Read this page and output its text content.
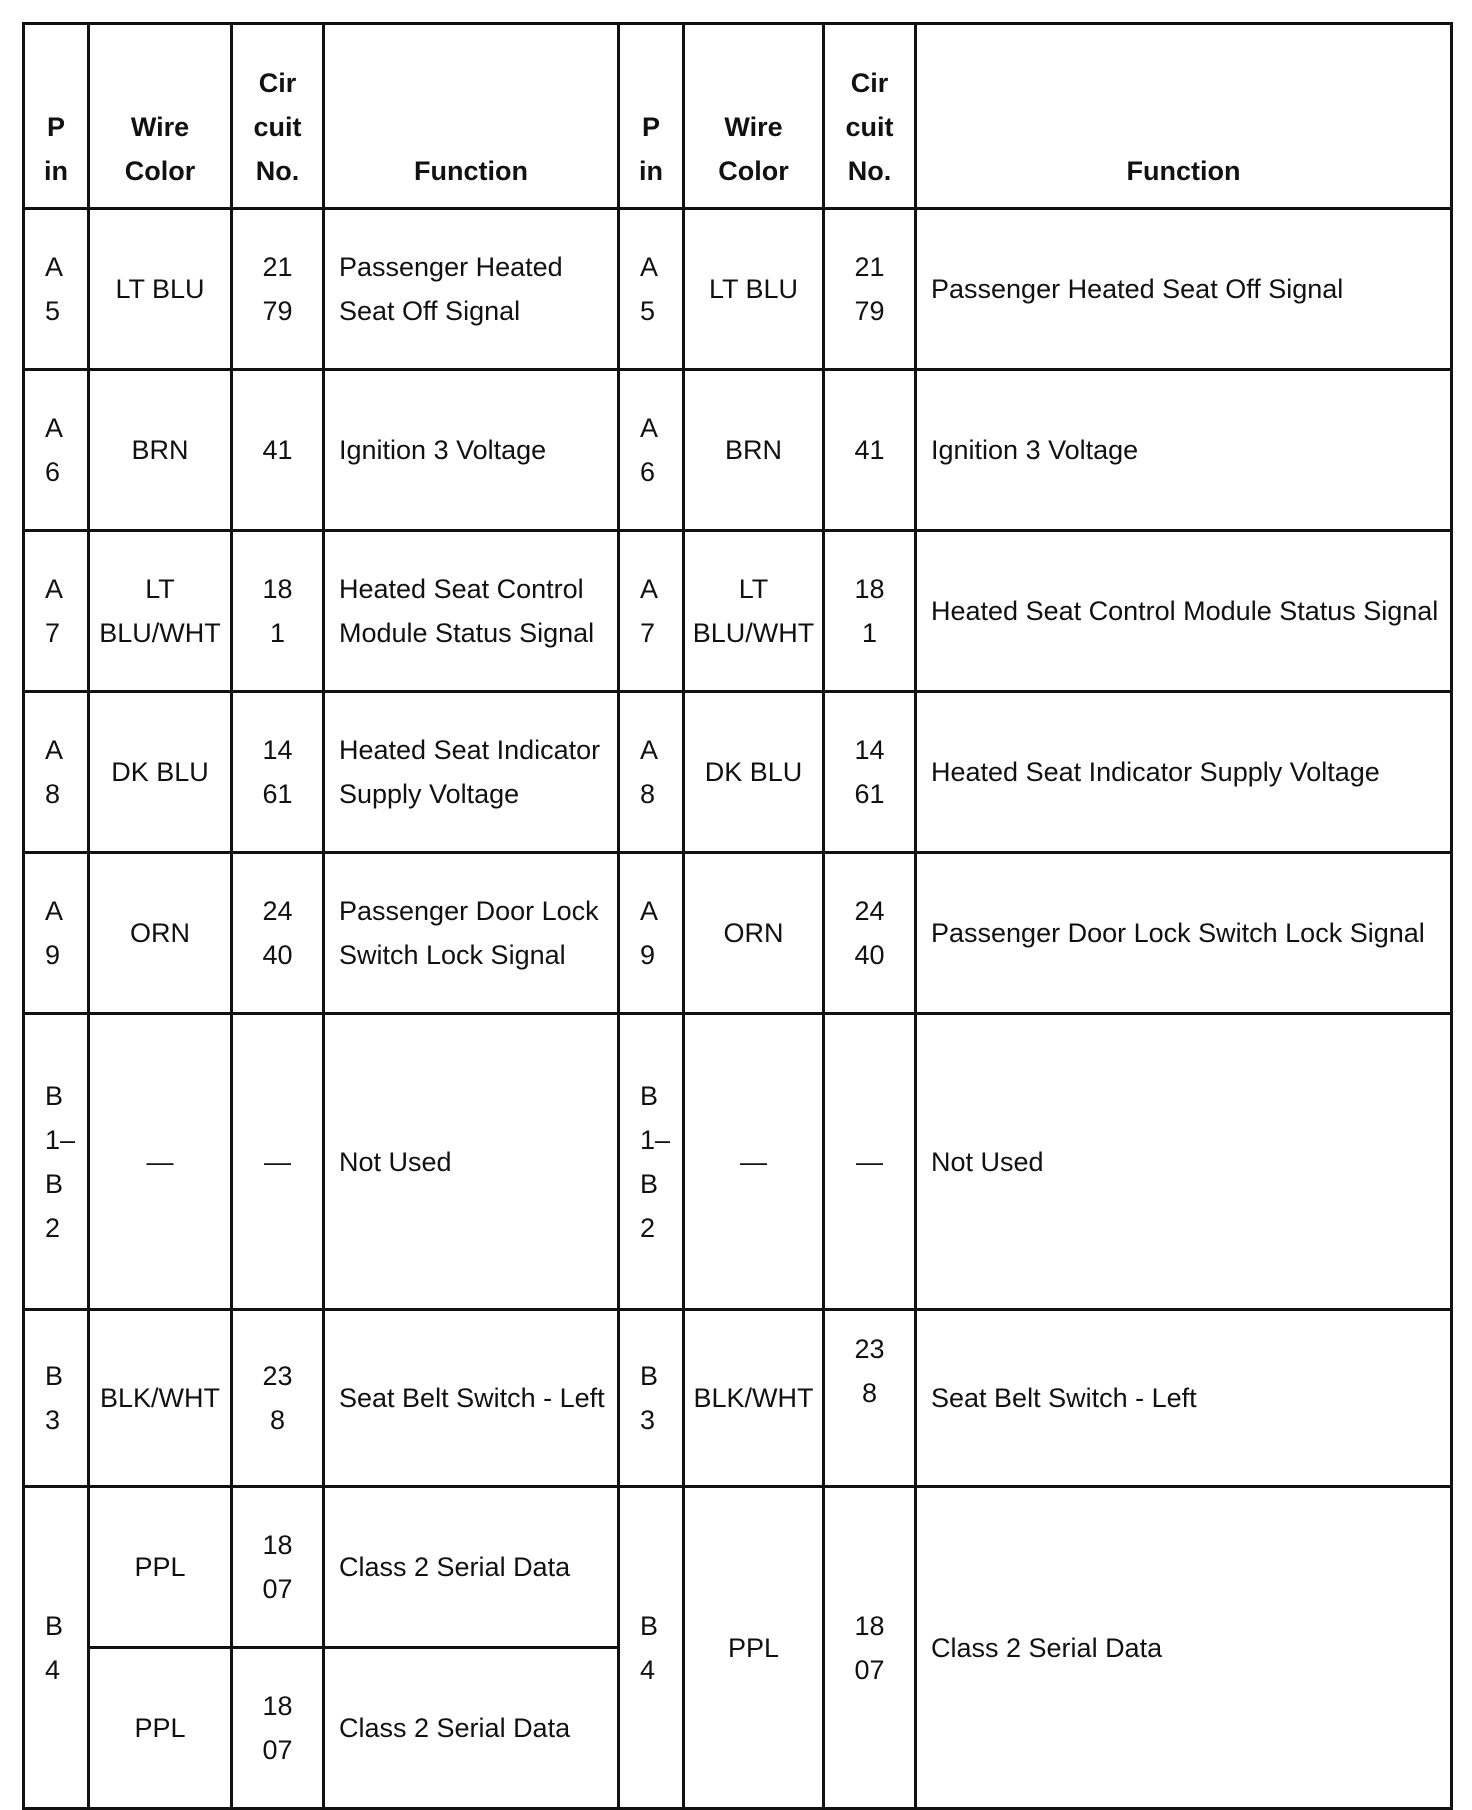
P in	Wire Color	Cir cuit No.	Function	P in	Wire Color	Cir cuit No.	Function
A5	LT BLU	2179	Passenger Heated Seat Off Signal	A5	LT BLU	2179	Passenger Heated Seat Off Signal
A6	BRN	41	Ignition 3 Voltage	A6	BRN	41	Ignition 3 Voltage
A7	LT BLU/WHT	181	Heated Seat Control Module Status Signal	A7	LT BLU/WHT	181	Heated Seat Control Module Status Signal
A8	DK BLU	1461	Heated Seat Indicator Supply Voltage	A8	DK BLU	1461	Heated Seat Indicator Supply Voltage
A9	ORN	2440	Passenger Door Lock Switch Lock Signal	A9	ORN	2440	Passenger Door Lock Switch Lock Signal
B1–B2	—	—	Not Used	B1–B2	—	—	Not Used
B3	BLK/WHT	238	Seat Belt Switch - Left	B3	BLK/WHT	238	Seat Belt Switch - Left
B4	PPL	1807	Class 2 Serial Data	B4	PPL	1807	Class 2 Serial Data
	PPL	1807	Class 2 Serial Data				
